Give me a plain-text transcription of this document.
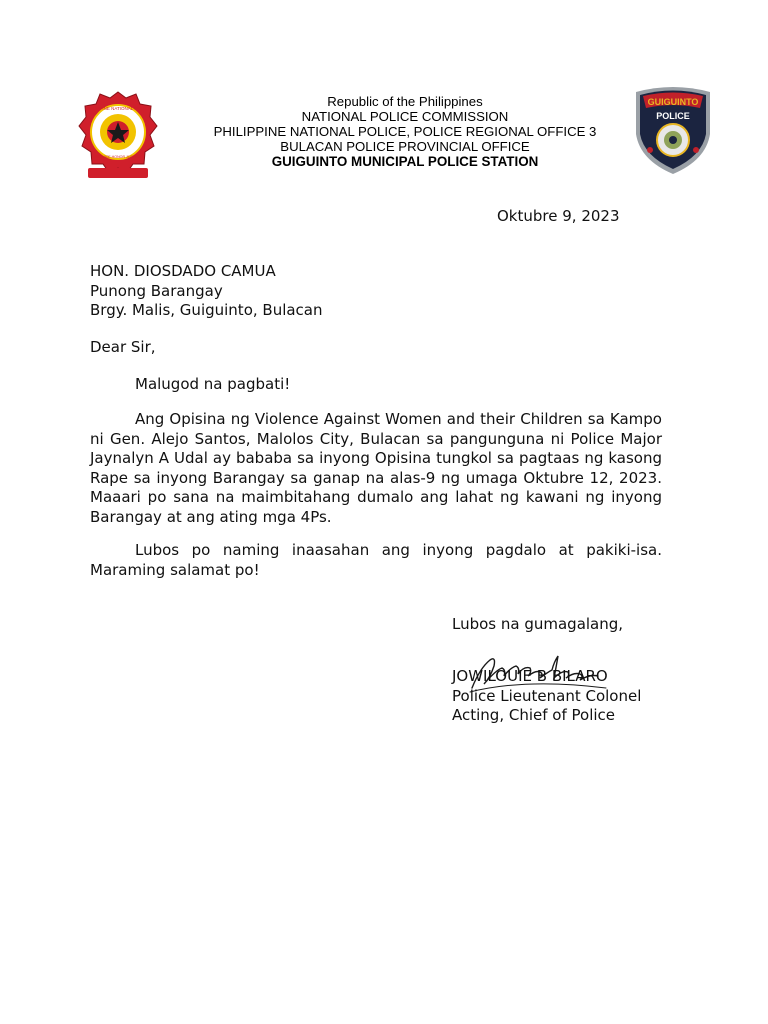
PHILIPPINE NATIONAL POLICE
SERVICE HONOR JUSTICE
Republic of the Philippines
NATIONAL POLICE COMMISSION
PHILIPPINE NATIONAL POLICE, POLICE REGIONAL OFFICE 3
BULACAN POLICE PROVINCIAL OFFICE
GUIGUINTO MUNICIPAL POLICE STATION
GUIGUINTO
POLICE
Oktubre 9, 2023
HON. DIOSDADO CAMUA
Punong Barangay
Brgy. Malis, Guiguinto, Bulacan
Dear Sir,
Malugod na pagbati!
Ang Opisina ng Violence Against Women and their Children sa Kampo ni Gen. Alejo Santos, Malolos City, Bulacan sa pangunguna ni Police Major Jaynalyn A Udal ay bababa sa inyong Opisina tungkol sa pagtaas ng kasong Rape sa inyong Barangay sa ganap na alas-9 ng umaga Oktubre 12, 2023. Maaari po sana na maimbitahang dumalo ang lahat ng kawani ng inyong Barangay at ang ating mga 4Ps.
Lubos po naming inaasahan ang inyong pagdalo at pakiki-isa. Maraming salamat po!
Lubos na gumagalang,
JOWILOUIE B BILARO
Police Lieutenant Colonel
Acting, Chief of Police
